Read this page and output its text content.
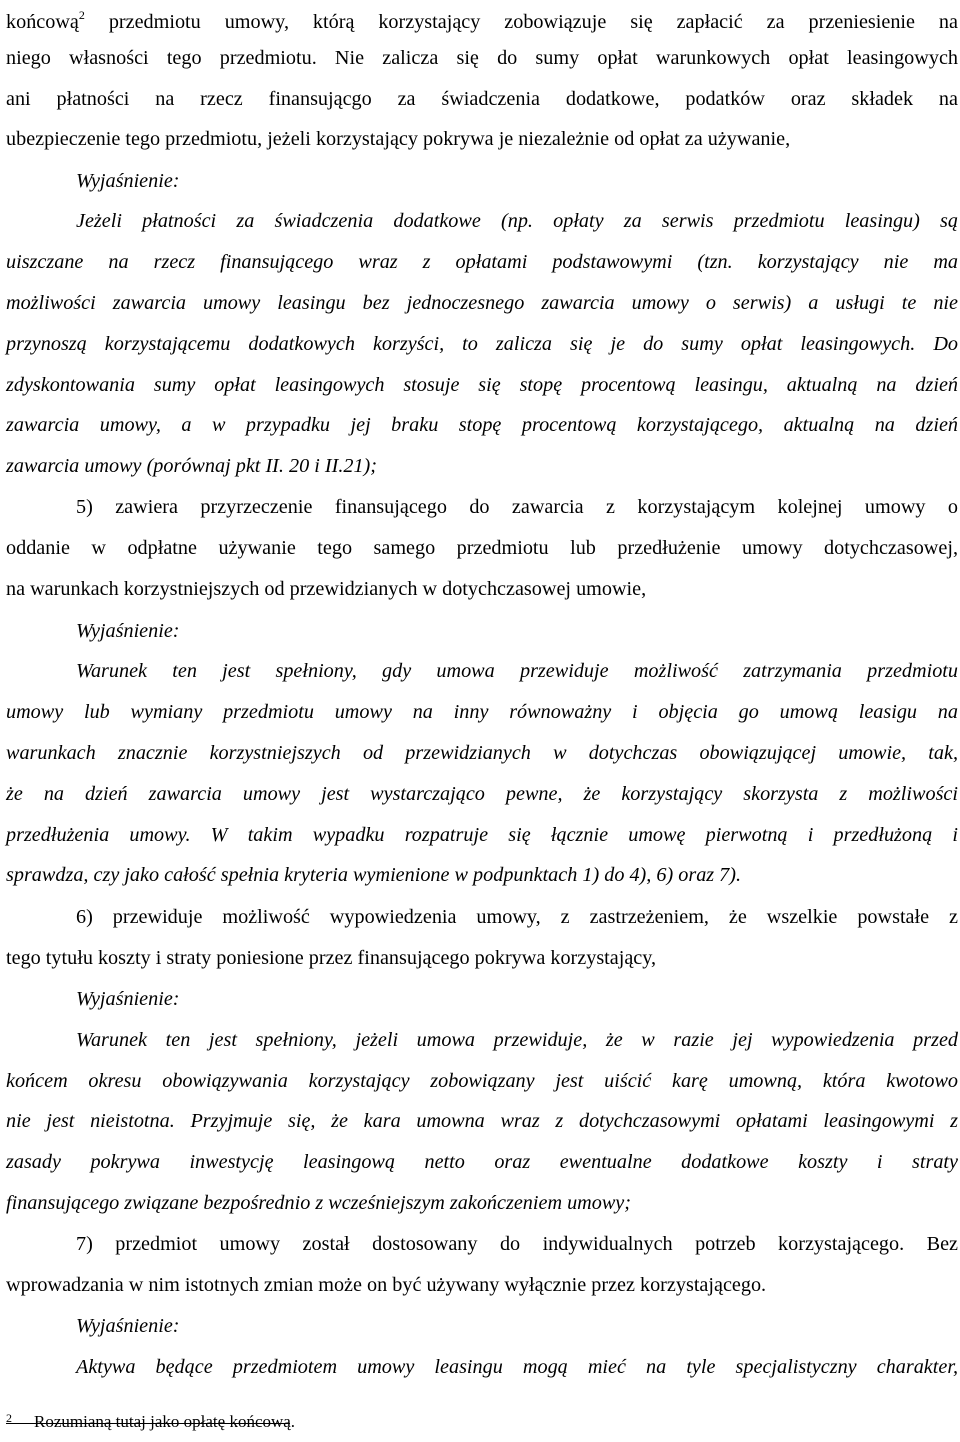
końcową$^2$ przedmiotu umowy, którą korzystający zobowiązuje się zapłacić za przeniesienie na
niego własności tego przedmiotu. Nie zalicza się do sumy opłat warunkowych opłat leasingowych
ani płatności na rzecz finansującgo za świadczenia dodatkowe, podatków oraz składek na
ubezpieczenie tego przedmiotu, jeżeli korzystający pokrywa je niezależnie od opłat za używanie,
Wyjaśnienie:
Jeżeli płatności za świadczenia dodatkowe (np. opłaty za serwis przedmiotu leasingu) są
uiszczane na rzecz finansującego wraz z opłatami podstawowymi (tzn. korzystający nie ma
możliwości zawarcia umowy leasingu bez jednoczesnego zawarcia umowy o serwis) a usługi te nie
przynoszą korzystającemu dodatkowych korzyści, to zalicza się je do sumy opłat leasingowych. Do
zdyskontowania sumy opłat leasingowych stosuje się stopę procentową leasingu, aktualną na dzień
zawarcia umowy, a w przypadku jej braku stopę procentową korzystającego, aktualną na dzień
zawarcia umowy (porównaj pkt II. 20 i II.21);
5) zawiera przyrzeczenie finansującego do zawarcia z korzystającym kolejnej umowy o
oddanie w odpłatne używanie tego samego przedmiotu lub przedłużenie umowy dotychczasowej,
na warunkach korzystniejszych od przewidzianych w dotychczasowej umowie,
Wyjaśnienie:
Warunek ten jest spełniony, gdy umowa przewiduje możliwość zatrzymania przedmiotu
umowy lub wymiany przedmiotu umowy na inny równoważny i objęcia go umową leasigu na
warunkach znacznie korzystniejszych od przewidzianych w dotychczas obowiązującej umowie, tak,
że na dzień zawarcia umowy jest wystarczająco pewne, że korzystający skorzysta z możliwości
przedłużenia umowy. W takim wypadku rozpatruje się łącznie umowę pierwotną i przedłużoną i
sprawdza, czy jako całość spełnia kryteria wymienione w podpunktach 1) do 4), 6) oraz 7).
6) przewiduje możliwość wypowiedzenia umowy, z zastrzeżeniem, że wszelkie powstałe z
tego tytułu koszty i straty poniesione przez finansującego pokrywa korzystający,
Wyjaśnienie:
Warunek ten jest spełniony, jeżeli umowa przewiduje, że w razie jej wypowiedzenia przed
końcem okresu obowiązywania korzystający zobowiązany jest uiścić karę umowną, która kwotowo
nie jest nieistotna. Przyjmuje się, że kara umowna wraz z dotychczasowymi opłatami leasingowymi z
zasady pokrywa inwestycję leasingową netto oraz ewentualne dodatkowe koszty i straty
finansującego związane bezpośrednio z wcześniejszym zakończeniem umowy;
7) przedmiot umowy został dostosowany do indywidualnych potrzeb korzystającego. Bez
wprowadzania w nim istotnych zmian może on być używany wyłącznie przez korzystającego.
Wyjaśnienie:
Aktywa będące przedmiotem umowy leasingu mogą mieć na tyle specjalistyczny charakter,
2 Rozumianą tutaj jako opłatę końcową.
